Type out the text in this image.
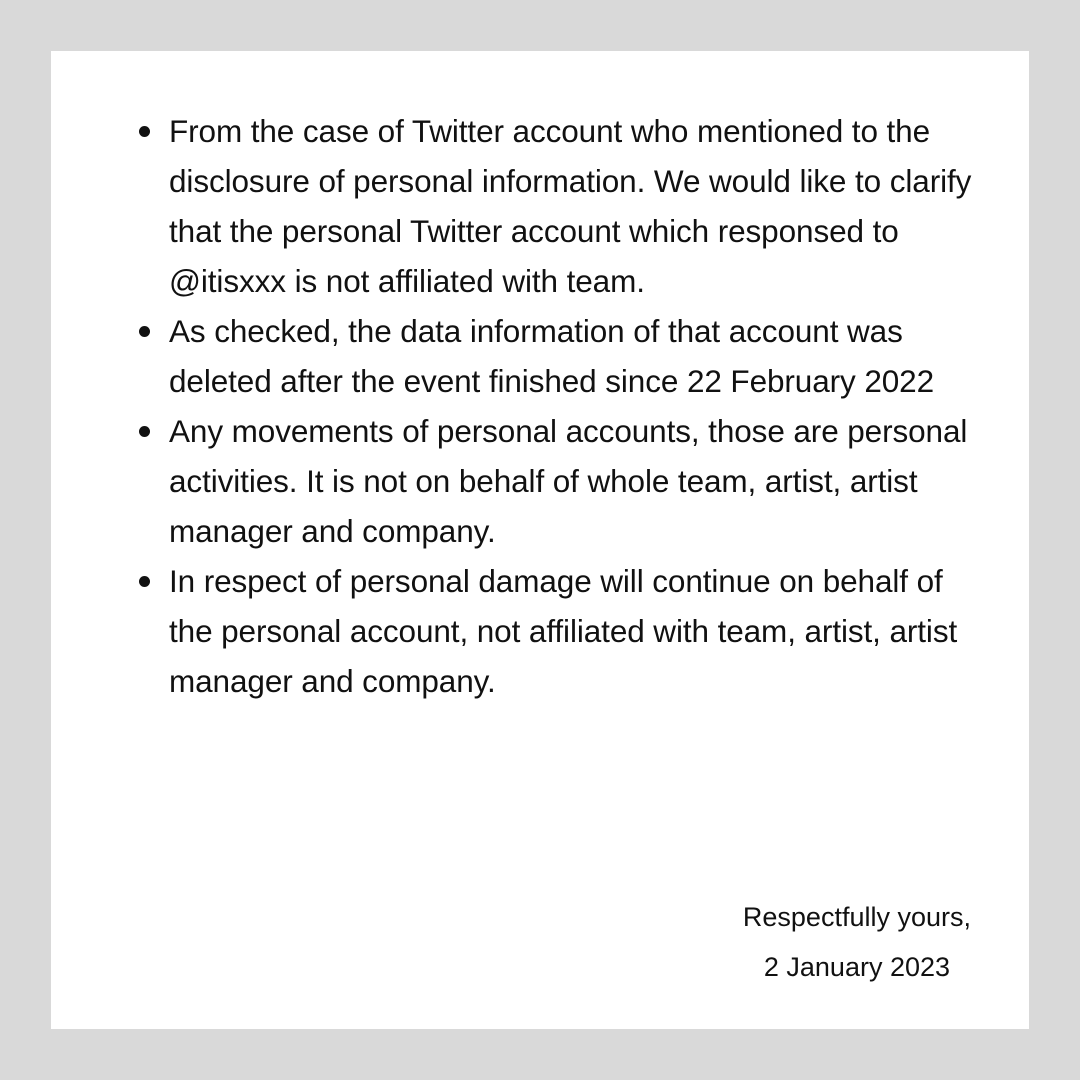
From the case of Twitter account who mentioned to the disclosure of personal information. We would like to clarify that the personal Twitter account which responsed to @itisxxx is not affiliated with team.
As checked, the data information of that account was deleted after the event finished since 22 February 2022
Any movements of personal accounts, those are personal activities. It is not on behalf of whole team, artist, artist manager and company.
In respect of personal damage will continue on behalf of the personal account, not affiliated with team, artist, artist manager and company.
Respectfully yours,
2 January 2023
